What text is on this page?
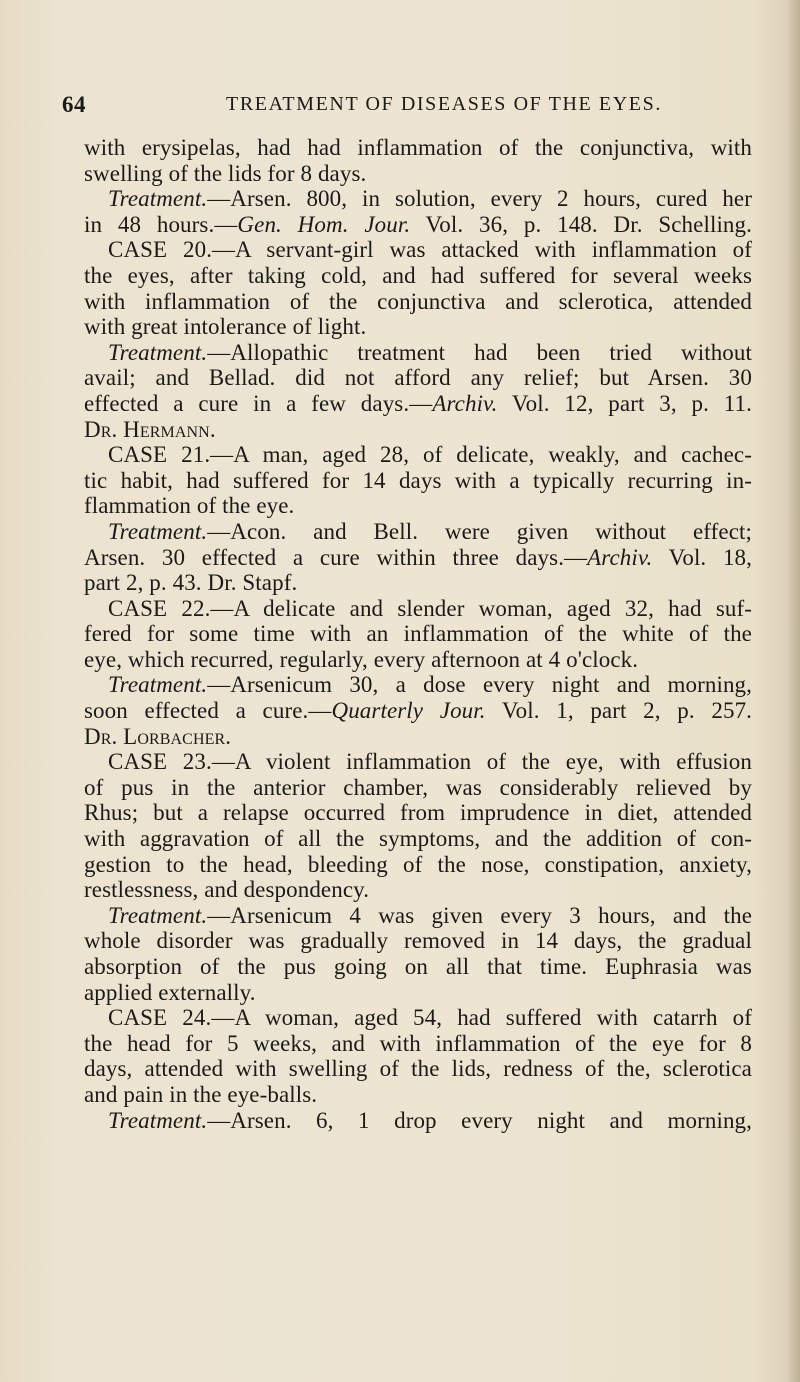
64	TREATMENT OF DISEASES OF THE EYES.
with erysipelas, had had inflammation of the conjunctiva, with
swelling of the lids for 8 days.
Treatment.—Arsen. 800, in solution, every 2 hours, cured her
in 48 hours.—Gen. Hom. Jour. Vol. 36, p. 148. Dr. Schelling.
CASE 20.—A servant-girl was attacked with inflammation of
the eyes, after taking cold, and had suffered for several weeks
with inflammation of the conjunctiva and sclerotica, attended
with great intolerance of light.
Treatment.—Allopathic treatment had been tried without
avail; and Bellad. did not afford any relief; but Arsen. 30
effected a cure in a few days.—Archiv. Vol. 12, part 3, p. 11.
Dr. Hermann.
CASE 21.—A man, aged 28, of delicate, weakly, and cachec-
tic habit, had suffered for 14 days with a typically recurring in-
flammation of the eye.
Treatment.—Acon. and Bell. were given without effect;
Arsen. 30 effected a cure within three days.—Archiv. Vol. 18,
part 2, p. 43. Dr. Stapf.
CASE 22.—A delicate and slender woman, aged 32, had suf-
fered for some time with an inflammation of the white of the
eye, which recurred, regularly, every afternoon at 4 o'clock.
Treatment.—Arsenicum 30, a dose every night and morning,
soon effected a cure.—Quarterly Jour. Vol. 1, part 2, p. 257.
Dr. Lorbacher.
CASE 23.—A violent inflammation of the eye, with effusion
of pus in the anterior chamber, was considerably relieved by
Rhus; but a relapse occurred from imprudence in diet, attended
with aggravation of all the symptoms, and the addition of con-
gestion to the head, bleeding of the nose, constipation, anxiety,
restlessness, and despondency.
Treatment.—Arsenicum 4 was given every 3 hours, and the
whole disorder was gradually removed in 14 days, the gradual
absorption of the pus going on all that time. Euphrasia was
applied externally.
CASE 24.—A woman, aged 54, had suffered with catarrh of
the head for 5 weeks, and with inflammation of the eye for 8
days, attended with swelling of the lids, redness of the, sclerotica
and pain in the eye-balls.
Treatment.—Arsen. 6, 1 drop every night and morning,
